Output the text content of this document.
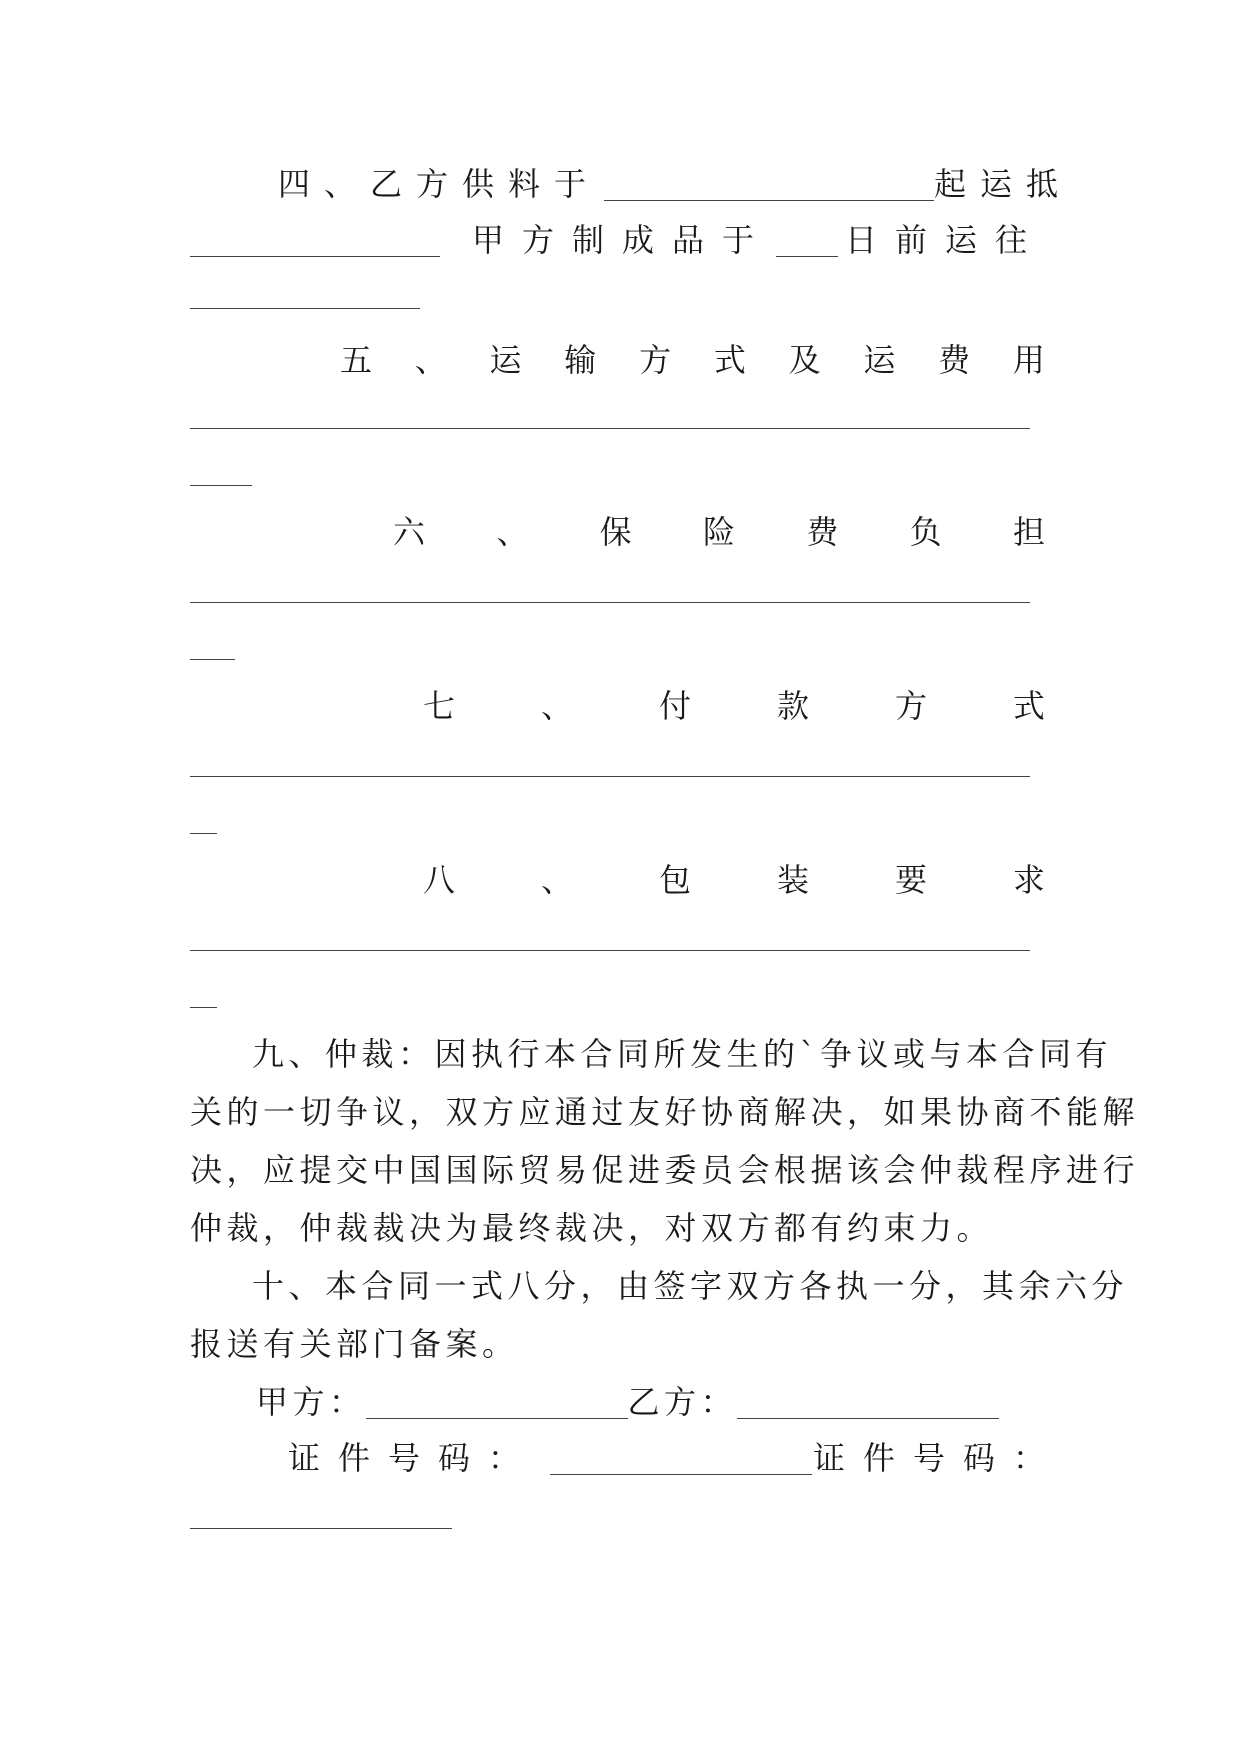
四、乙方供料于	起运抵
甲方制成品于 日前运往
五 、 运 输 方 式 及 运 费 用
六 、 保 险 费 负 担
七	、	付	款	方	式
八	、	包	装	要	求
九、仲裁：因执行本合同所发生的`争议或与本合同有
关的一切争议，双方应通过友好协商解决，如果协商不能解
决，应提交中国国际贸易促进委员会根据该会仲裁程序进行
仲裁，仲裁裁决为最终裁决，对双方都有约束力。
十、本合同一式八分，由签字双方各执一分，其余六分
报送有关部门备案。
甲方：	乙方：
证件号码：	证件号码：
